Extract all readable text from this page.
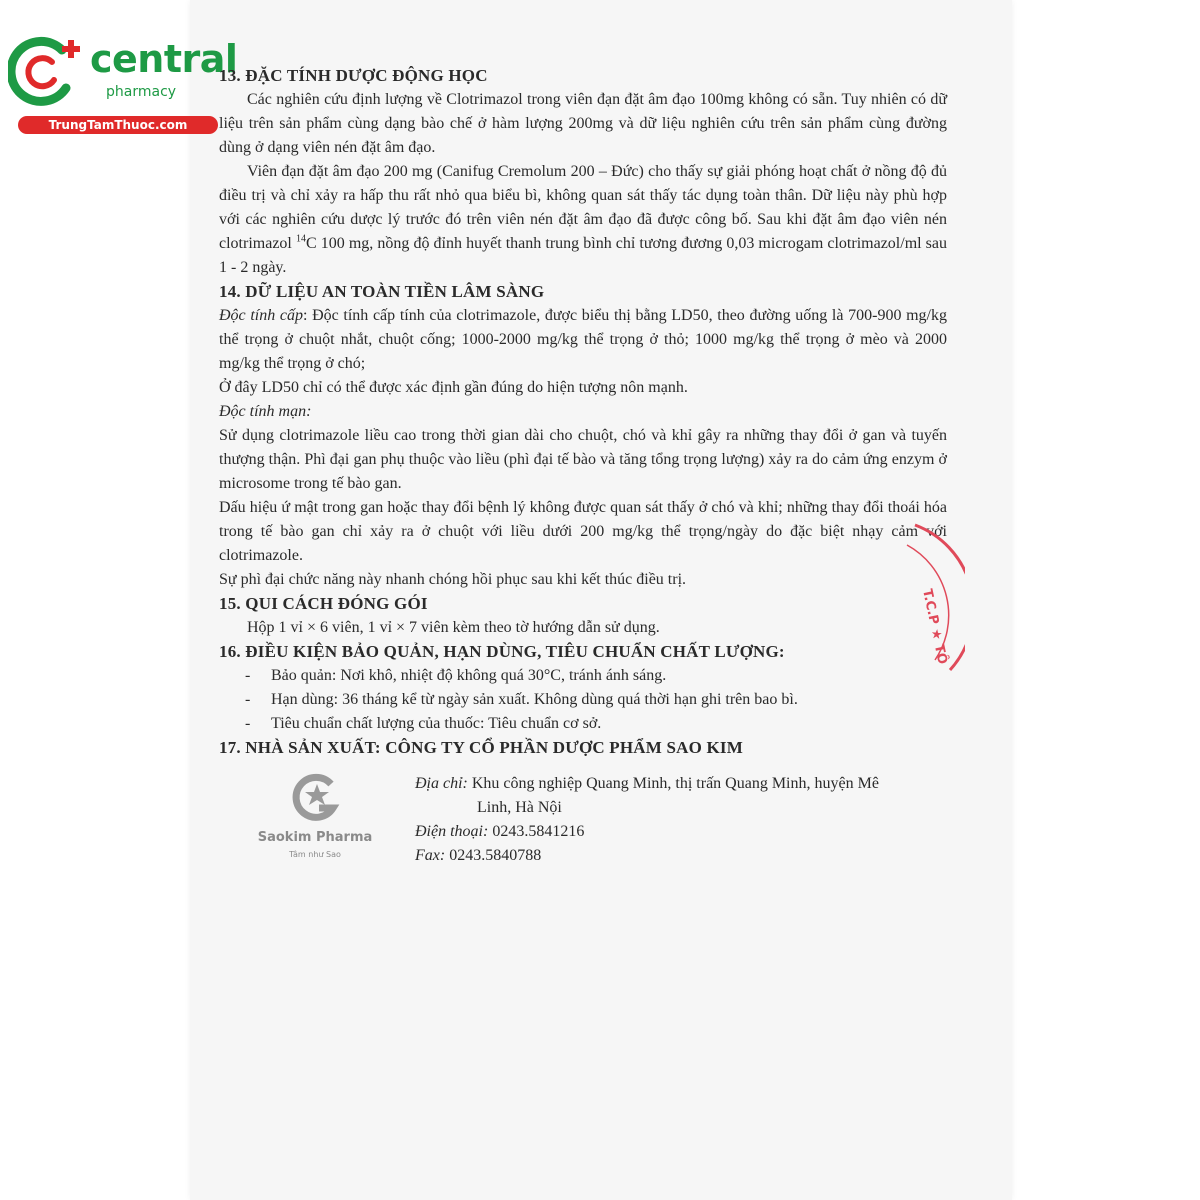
central
pharmacy
TrungTamThuoc.com
13. ĐẶC TÍNH DƯỢC ĐỘNG HỌC
Các nghiên cứu định lượng về Clotrimazol trong viên đạn đặt âm đạo 100mg không có sẵn. Tuy nhiên có dữ liệu trên sản phẩm cùng dạng bào chế ở hàm lượng 200mg và dữ liệu nghiên cứu trên sản phẩm cùng đường dùng ở dạng viên nén đặt âm đạo.
Viên đạn đặt âm đạo 200 mg (Canifug Cremolum 200 – Đức) cho thấy sự giải phóng hoạt chất ở nồng độ đủ điều trị và chỉ xảy ra hấp thu rất nhỏ qua biểu bì, không quan sát thấy tác dụng toàn thân. Dữ liệu này phù hợp với các nghiên cứu dược lý trước đó trên viên nén đặt âm đạo đã được công bố. Sau khi đặt âm đạo viên nén clotrimazol $^{14}$C 100 mg, nồng độ đỉnh huyết thanh trung bình chỉ tương đương 0,03 microgam clotrimazol/ml sau 1 - 2 ngày.
14. DỮ LIỆU AN TOÀN TIỀN LÂM SÀNG
Độc tính cấp: Độc tính cấp tính của clotrimazole, được biểu thị bằng LD50, theo đường uống là 700-900 mg/kg thể trọng ở chuột nhắt, chuột cống; 1000-2000 mg/kg thể trọng ở thỏ; 1000 mg/kg thể trọng ở mèo và 2000 mg/kg thể trọng ở chó;
Ở đây LD50 chỉ có thể được xác định gần đúng do hiện tượng nôn mạnh.
Độc tính mạn:
Sử dụng clotrimazole liều cao trong thời gian dài cho chuột, chó và khỉ gây ra những thay đổi ở gan và tuyến thượng thận. Phì đại gan phụ thuộc vào liều (phì đại tế bào và tăng tổng trọng lượng) xảy ra do cảm ứng enzym ở microsome trong tế bào gan.
Dấu hiệu ứ mật trong gan hoặc thay đổi bệnh lý không được quan sát thấy ở chó và khỉ; những thay đổi thoái hóa trong tế bào gan chỉ xảy ra ở chuột với liều dưới 200 mg/kg thể trọng/ngày do đặc biệt nhạy cảm với clotrimazole.
Sự phì đại chức năng này nhanh chóng hồi phục sau khi kết thúc điều trị.
15. QUI CÁCH ĐÓNG GÓI
Hộp 1 vỉ × 6 viên, 1 vỉ × 7 viên kèm theo tờ hướng dẫn sử dụng.
16. ĐIỀU KIỆN BẢO QUẢN, HẠN DÙNG, TIÊU CHUẨN CHẤT LƯỢNG:
-	Bảo quản: Nơi khô, nhiệt độ không quá 30°C, tránh ánh sáng.
-	Hạn dùng: 36 tháng kể từ ngày sản xuất. Không dùng quá thời hạn ghi trên bao bì.
-	Tiêu chuẩn chất lượng của thuốc: Tiêu chuẩn cơ sở.
17. NHÀ SẢN XUẤT: CÔNG TY CỔ PHẦN DƯỢC PHẨM SAO KIM
Saokim Pharma
Tâm như Sao
Địa chỉ: Khu công nghiệp Quang Minh, thị trấn Quang Minh, huyện Mê
Linh, Hà Nội
Điện thoại: 0243.5841216
Fax: 0243.5840788
T.C.P ★ TÔ
